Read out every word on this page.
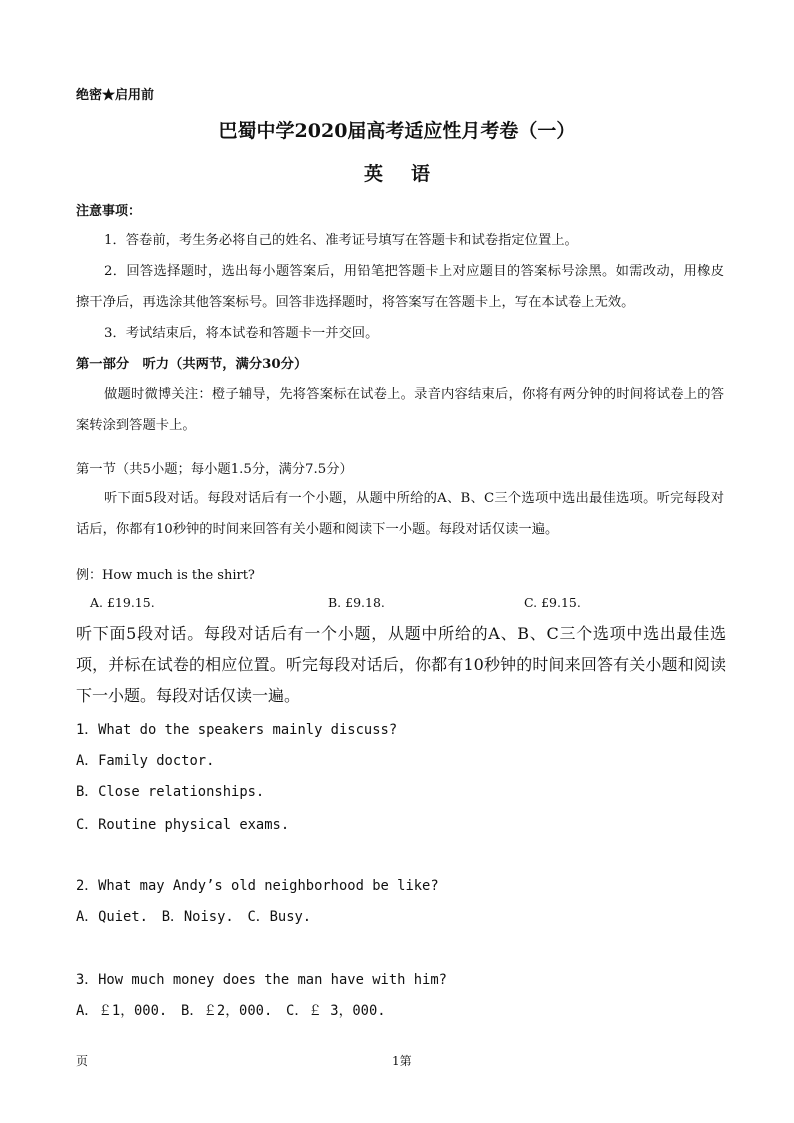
绝密★启用前
巴蜀中学2020届高考适应性月考卷（一）
英语
注意事项：
1．答卷前，考生务必将自己的姓名、准考证号填写在答题卡和试卷指定位置上。
2．回答选择题时，选出每小题答案后，用铅笔把答题卡上对应题目的答案标号涂黑。如需改动，用橡皮擦干净后，再选涂其他答案标号。回答非选择题时，将答案写在答题卡上，写在本试卷上无效。
3．考试结束后，将本试卷和答题卡一并交回。
第一部分　听力（共两节，满分30分）
做题时微博关注：橙子辅导，先将答案标在试卷上。录音内容结束后，你将有两分钟的时间将试卷上的答案转涂到答题卡上。
第一节（共5小题；每小题1.5分，满分7.5分）
听下面5段对话。每段对话后有一个小题，从题中所给的A、B、C三个选项中选出最佳选项。听完每段对话后，你都有10秒钟的时间来回答有关小题和阅读下一小题。每段对话仅读一遍。
例：How much is the shirt?
A. £19.15.	B. £9.18.	C. £9.15.
听下面5段对话。每段对话后有一个小题，从题中所给的A、B、C三个选项中选出最佳选项，并标在试卷的相应位置。听完每段对话后，你都有10秒钟的时间来回答有关小题和阅读下一小题。每段对话仅读一遍。
1．What do the speakers mainly discuss?
A．Family doctor.
B．Close relationships.
C．Routine physical exams.
2．What may Andy’s old neighborhood be like?
A．Quiet.　B．Noisy.　C．Busy.
3．How much money does the man have with him?
A．￡1，000.　B．￡2，000.　C．￡ 3，000.
页	1第
